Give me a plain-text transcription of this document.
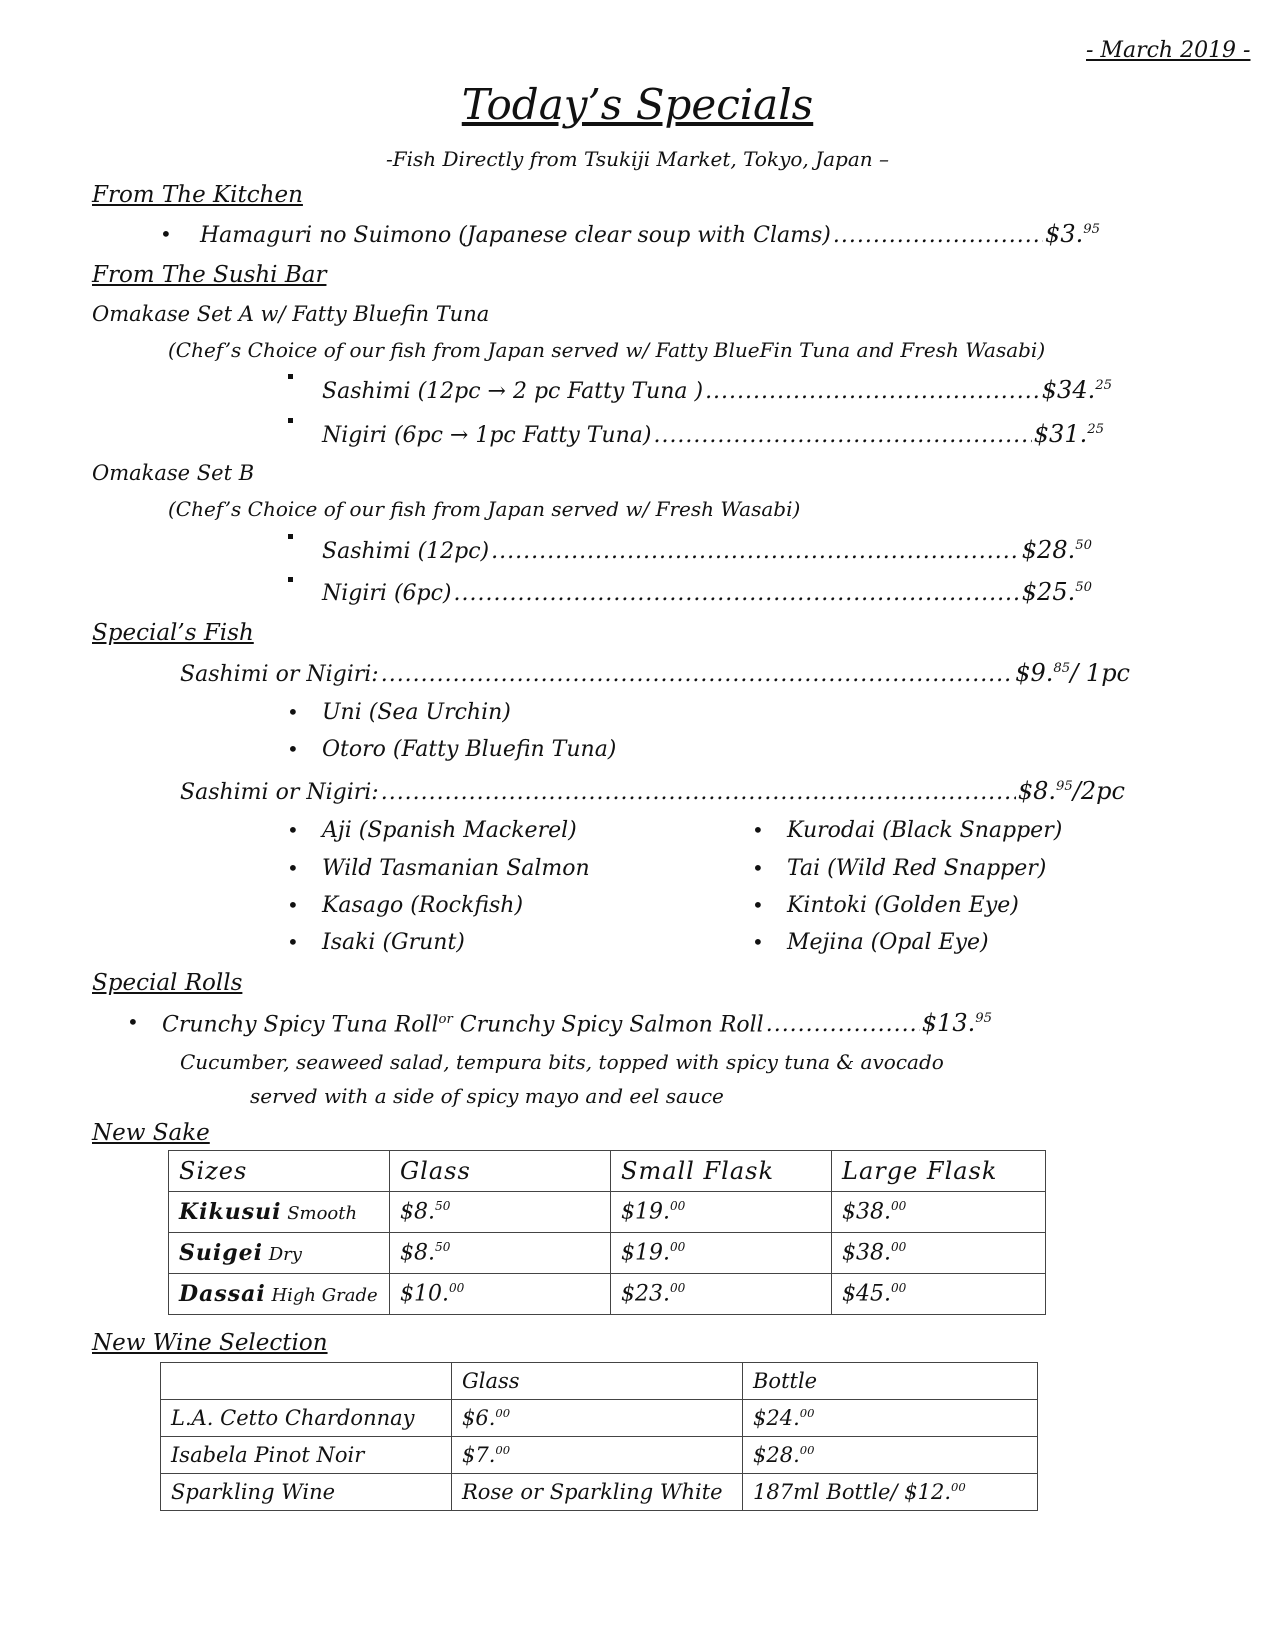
- March 2019 -
Today’s Specials
-Fish Directly from Tsukiji Market, Tokyo, Japan –
From The Kitchen
• Hamaguri no Suimono (Japanese clear soup with Clams) .....	$3.95
From The Sushi Bar
Omakase Set A w/ Fatty Bluefin Tuna
(Chef’s Choice of our fish from Japan served w/ Fatty BlueFin Tuna and Fresh Wasabi)
Sashimi (12pc → 2 pc Fatty Tuna ) .....	$34.25
Nigiri (6pc → 1pc Fatty Tuna) .....	$31.25
Omakase Set B
(Chef’s Choice of our fish from Japan served w/ Fresh Wasabi)
Sashimi (12pc) .....	$28.50
Nigiri (6pc) .....	$25.50
Special’s Fish
Sashimi or Nigiri: .....	$9.85/ 1pc
• Uni (Sea Urchin)
• Otoro (Fatty Bluefin Tuna)
Sashimi or Nigiri: .....	$8.95/2pc
• Aji (Spanish Mackerel)
• Wild Tasmanian Salmon
• Kasago (Rockfish)
• Isaki (Grunt)
• Kurodai (Black Snapper)
• Tai (Wild Red Snapper)
• Kintoki (Golden Eye)
• Mejina (Opal Eye)
Special Rolls
• Crunchy Spicy Tuna Roll$^{or}$ Crunchy Spicy Salmon Roll .....	$13.95
Cucumber, seaweed salad, tempura bits, topped with spicy tuna & avocado
served with a side of spicy mayo and eel sauce
New Sake
Sizes	Glass	Small Flask	Large Flask
Kikusui Smooth	$8.50	$19.00	$38.00
Suigei Dry	$8.50	$19.00	$38.00
Dassai High Grade	$10.00	$23.00	$45.00
New Wine Selection
	Glass	Bottle
L.A. Cetto Chardonnay	$6.00	$24.00
Isabela Pinot Noir	$7.00	$28.00
Sparkling Wine	Rose or Sparkling White	187ml Bottle/ $12.00
